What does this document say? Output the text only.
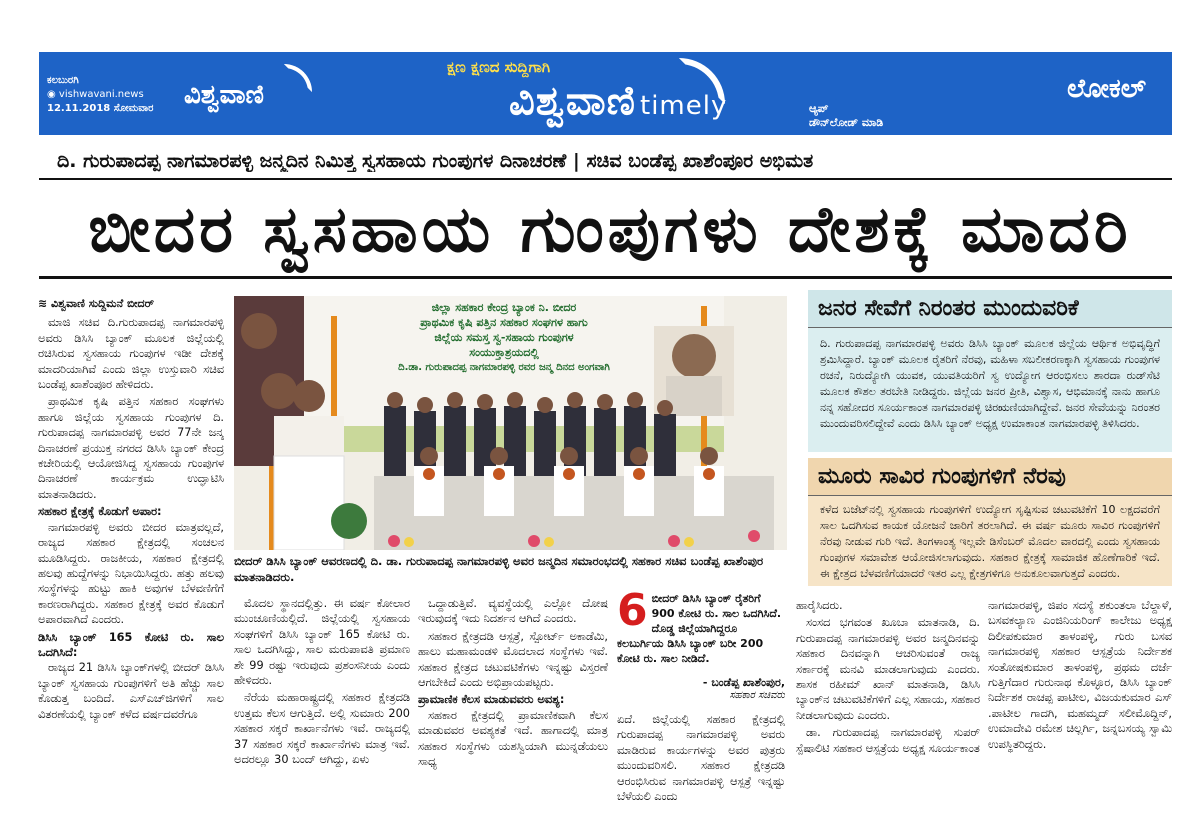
ಕಲಬುರಗಿ
◉ vishwavani.news
12.11.2018 ಸೋಮವಾರ ವಿಶ್ವವಾಣಿ
ಕ್ಷಣ ಕ್ಷಣದ ಸುದ್ದಿಗಾಗಿ
ವಿಶ್ವವಾಣಿ timely	ಆ್ಯಪ್
ಡೌನ್‌ಲೋಡ್ ಮಾಡಿ
ಲೋಕಲ್
ದಿ. ಗುರುಪಾದಪ್ಪ ನಾಗಮಾರಪಳ್ಳಿ ಜನ್ಮದಿನ ನಿಮಿತ್ತ ಸ್ವಸಹಾಯ ಗುಂಪುಗಳ ದಿನಾಚರಣೆ | ಸಚಿವ ಬಂಡೆಪ್ಪ ಖಾಶೆಂಪೂರ ಅಭಿಮತ
ಬೀದರ ಸ್ವಸಹಾಯ ಗುಂಪುಗಳು ದೇಶಕ್ಕೆ ಮಾದರಿ
≋ ವಿಶ್ವವಾಣಿ ಸುದ್ದಿಮನೆ ಬೀದರ್

ಮಾಜಿ ಸಚಿವ ದಿ.ಗುರುಪಾದಪ್ಪ ನಾಗಮಾರಪಳ್ಳಿ ಅವರು ಡಿಸಿಸಿ ಬ್ಯಾಂಕ್ ಮೂಲಕ ಜಿಲ್ಲೆಯಲ್ಲಿ ರಚಿಸಿರುವ ಸ್ವಸಹಾಯ ಗುಂಪುಗಳ ಇಡೀ ದೇಶಕ್ಕೆ ಮಾದರಿಯಾಗಿವೆ ಎಂದು ಜಿಲ್ಲಾ ಉಸ್ತುವಾರಿ ಸಚಿವ ಬಂಡೆಪ್ಪ ಖಾಶೆಂಪೂರ ಹೇಳಿದರು.

ಪ್ರಾಥಮಿಕ ಕೃಷಿ ಪತ್ತಿನ ಸಹಕಾರ ಸಂಘಗಳು ಹಾಗೂ ಜಿಲ್ಲೆಯ ಸ್ವಸಹಾಯ ಗುಂಪುಗಳ ದಿ. ಗುರುಪಾದಪ್ಪ ನಾಗಮಾರಪಳ್ಳಿ ಅವರ 77ನೇ ಜನ್ಮ ದಿನಾಚರಣೆ ಪ್ರಯುಕ್ತ ನಗರದ ಡಿಸಿಸಿ ಬ್ಯಾಂಕ್ ಕೇಂದ್ರ ಕಚೇರಿಯಲ್ಲಿ ಆಯೋಜಿಸಿದ್ದ ಸ್ವಸಹಾಯ ಗುಂಪುಗಳ ದಿನಾಚರಣೆ ಕಾರ್ಯಕ್ರಮ ಉದ್ಘಾಟಿಸಿ ಮಾತನಾಡಿದರು.

ಸಹಕಾರ ಕ್ಷೇತ್ರಕ್ಕೆ ಕೊಡುಗೆ ಅಪಾರ:

ನಾಗಮಾರಪಳ್ಳಿ ಅವರು ಬೀದರ ಮಾತ್ರವಲ್ಲದೆ, ರಾಜ್ಯದ ಸಹಕಾರ ಕ್ಷೇತ್ರದಲ್ಲಿ ಸಂಚಲನ ಮೂಡಿಸಿದ್ದರು. ರಾಜಕೀಯ, ಸಹಕಾರ ಕ್ಷೇತ್ರದಲ್ಲಿ ಹಲವು ಹುದ್ದೆಗಳನ್ನು ನಿಭಾಯಿಸಿದ್ದರು. ಹತ್ತು ಹಲವು ಸಂಸ್ಥೆಗಳನ್ನು ಹುಟ್ಟು ಹಾಕಿ ಅವುಗಳ ಬೆಳವಣಿಗೆಗೆ ಕಾರಣರಾಗಿದ್ದರು. ಸಹಕಾರ ಕ್ಷೇತ್ರಕ್ಕೆ ಅವರ ಕೊಡುಗೆ ಅಪಾರವಾಗಿದೆ ಎಂದರು.

ಡಿಸಿಸಿ ಬ್ಯಾಂಕ್ 165 ಕೋಟಿ ರು. ಸಾಲ ಒದಗಿಸಿದೆ:

ರಾಜ್ಯದ 21 ಡಿಸಿಸಿ ಬ್ಯಾಂಕ್‌ಗಳಲ್ಲಿ ಬೀದರ್ ಡಿಸಿಸಿ ಬ್ಯಾಂಕ್ ಸ್ವಸಹಾಯ ಗುಂಪುಗಳಿಗೆ ಅತಿ ಹೆಚ್ಚು ಸಾಲ ಕೊಡುತ್ತ ಬಂದಿದೆ. ಎಸ್‌ಎಚ್‌ಜಿಗಳಿಗೆ ಸಾಲ ವಿತರಣೆಯಲ್ಲಿ ಬ್ಯಾಂಕ್ ಕಳೆದ ವರ್ಷದವರೆಗೂ

ಜಿಲ್ಲಾ ಸಹಕಾರ ಕೇಂದ್ರ ಬ್ಯಾಂಕ ನಿ. ಬೀದರ
ಪ್ರಾಥಮಿಕ ಕೃಷಿ ಪತ್ತಿನ ಸಹಕಾರ ಸಂಘಗಳ ಹಾಗು
ಜಿಲ್ಲೆಯ ಸಮಸ್ತ ಸ್ವ-ಸಹಾಯ ಗುಂಪುಗಳ
ಸಂಯುಕ್ತಾಶ್ರಯದಲ್ಲಿ
ದಿ.ಡಾ. ಗುರುಪಾದಪ್ಪ ನಾಗಮಾರಪಳ್ಳಿ ರವರ ಜನ್ಮ ದಿನದ ಅಂಗವಾಗಿ
ಬೀದರ್ ಡಿಸಿಸಿ ಬ್ಯಾಂಕ್ ಆವರಣದಲ್ಲಿ ದಿ. ಡಾ. ಗುರುಪಾದಪ್ಪ ನಾಗಮಾರಪಳ್ಳಿ ಅವರ ಜನ್ಮದಿನ ಸಮಾರಂಭದಲ್ಲಿ ಸಹಕಾರ ಸಚಿವ ಬಂಡೆಪ್ಪ ಖಾಶೆಂಪುರ ಮಾತನಾಡಿದರು.

ಮೊದಲ ಸ್ಥಾನದಲ್ಲಿತ್ತು. ಈ ವರ್ಷ ಕೋಲಾರ ಮುಂಚೂಣಿಯಲ್ಲಿದೆ. ಜಿಲ್ಲೆಯಲ್ಲಿ ಸ್ವಸಹಾಯ ಸಂಘಗಳಿಗೆ ಡಿಸಿಸಿ ಬ್ಯಾಂಕ್ 165 ಕೋಟಿ ರು. ಸಾಲ ಒದಗಿಸಿದ್ದು, ಸಾಲ ಮರುಪಾವತಿ ಪ್ರಮಾಣ ಶೇ 99 ರಷ್ಟು ಇರುವುದು ಪ್ರಶಂಸನೀಯ ಎಂದು ಹೇಳಿದರು.

ನೆರೆಯ ಮಹಾರಾಷ್ಟ್ರದಲ್ಲಿ ಸಹಕಾರ ಕ್ಷೇತ್ರದಡಿ ಉತ್ತಮ ಕೆಲಸ ಆಗುತ್ತಿದೆ. ಅಲ್ಲಿ ಸುಮಾರು 200 ಸಹಕಾರ ಸಕ್ಕರೆ ಕಾರ್ಖಾನೆಗಳು ಇವೆ. ರಾಜ್ಯದಲ್ಲಿ 37 ಸಹಕಾರ ಸಕ್ಕರೆ ಕಾರ್ಖಾನೆಗಳು ಮಾತ್ರ ಇವೆ. ಅದರಲ್ಲೂ 30 ಬಂದ್ ಆಗಿದ್ದು, ಏಳು

ಒದ್ದಾಡುತ್ತಿವೆ. ವ್ಯವಸ್ಥೆಯಲ್ಲಿ ಎಲ್ಲೋ ದೋಷ ಇರುವುದಕ್ಕೆ ಇದು ನಿದರ್ಶನ ಆಗಿದೆ ಎಂದರು.

ಸಹಕಾರ ಕ್ಷೇತ್ರದಡಿ ಆಸ್ಪತ್ರೆ, ಸ್ಪೋರ್ಟ್ ಅಕಾಡೆಮಿ, ಹಾಲು ಮಹಾಮಂಡಳಿ ಮೊದಲಾದ ಸಂಸ್ಥೆಗಳು ಇವೆ. ಸಹಕಾರ ಕ್ಷೇತ್ರದ ಚಟುವಟಿಕೆಗಳು ಇನ್ನಷ್ಟು ವಿಸ್ತರಣೆ ಆಗಬೇಕಿದೆ ಎಂದು ಅಭಿಪ್ರಾಯಪಟ್ಟರು.

ಪ್ರಾಮಾಣಿಕ ಕೆಲಸ ಮಾಡುವವರು ಅವಶ್ಯ:

ಸಹಕಾರ ಕ್ಷೇತ್ರದಲ್ಲಿ ಪ್ರಾಮಾಣಿಕವಾಗಿ ಕೆಲಸ ಮಾಡುವವರ ಅವಶ್ಯಕತೆ ಇದೆ. ಹಾಗಾದಲ್ಲಿ ಮಾತ್ರ ಸಹಕಾರ ಸಂಸ್ಥೆಗಳು ಯಶಸ್ವಿಯಾಗಿ ಮುನ್ನಡೆಯಲು ಸಾಧ್ಯ

6 ಬೀದರ್ ಡಿಸಿಸಿ ಬ್ಯಾಂಕ್ ರೈತರಿಗೆ 900 ಕೋಟಿ ರು. ಸಾಲ ಒದಗಿಸಿದೆ. ದೊಡ್ಡ ಜಿಲ್ಲೆಯಾಗಿದ್ದರೂ ಕಲಬುರ್ಗಿಯ ಡಿಸಿಸಿ ಬ್ಯಾಂಕ್ ಬರೀ 200 ಕೋಟಿ ರು. ಸಾಲ ನೀಡಿದೆ.
- ಬಂಡೆಪ್ಪ ಖಾಶೆಂಪುರ,
ಸಹಕಾರ ಸಚಿವರು

ಏದೆ. ಜಿಲ್ಲೆಯಲ್ಲಿ ಸಹಕಾರ ಕ್ಷೇತ್ರದಲ್ಲಿ ಗುರುಪಾದಪ್ಪ ನಾಗಮಾರಪಳ್ಳಿ ಅವರು ಮಾಡಿರುವ ಕಾರ್ಯಗಳನ್ನು ಅವರ ಪುತ್ರರು ಮುಂದುವರಿಸಲಿ. ಸಹಕಾರ ಕ್ಷೇತ್ರದಡಿ ಆರಂಭಿಸಿರುವ ನಾಗಮಾರಪಳ್ಳಿ ಆಸ್ಪತ್ರೆ ಇನ್ನಷ್ಟು ಬೆಳೆಯಲಿ ಎಂದು

ಜನರ ಸೇವೆಗೆ ನಿರಂತರ ಮುಂದುವರಿಕೆ
ದಿ. ಗುರುಪಾದಪ್ಪ ನಾಗಮಾರಪಳ್ಳಿ ಅವರು ಡಿಸಿಸಿ ಬ್ಯಾಂಕ್ ಮೂಲಕ ಜಿಲ್ಲೆಯ ಆರ್ಥಿಕ ಅಭಿವೃದ್ಧಿಗೆ ಶ್ರಮಿಸಿದ್ದಾರೆ. ಬ್ಯಾಂಕ್ ಮೂಲಕ ರೈತರಿಗೆ ನೆರವು, ಮಹಿಳಾ ಸಬಲೀಕರಣಕ್ಕಾಗಿ ಸ್ವಸಹಾಯ ಗುಂಪುಗಳ ರಚನೆ, ನಿರುದ್ಯೋಗಿ ಯುವಕ, ಯುವತಿಯರಿಗೆ ಸ್ವ ಉದ್ಯೋಗ ಆರಂಭಿಸಲು ಶಾರದಾ ರುಡ್‌ಸೆಟಿ ಮೂಲಕ ಕೌಶಲ ತರಬೇತಿ ನೀಡಿದ್ದರು. ಜಿಲ್ಲೆಯ ಜನರ ಪ್ರೀತಿ, ವಿಶ್ವಾಸ, ಆಭಿಮಾನಕ್ಕೆ ನಾನು ಹಾಗೂ ನನ್ನ ಸಹೋದರ ಸೂರ್ಯಕಾಂತ ನಾಗಮಾರಪಳ್ಳಿ ಚಿರಋಣಿಯಾಗಿದ್ದೇವೆ. ಜನರ ಸೇವೆಯನ್ನು ನಿರಂತರ ಮುಂದುವರಿಸಲಿದ್ದೇವೆ ಎಂದು ಡಿಸಿಸಿ ಬ್ಯಾಂಕ್ ಅಧ್ಯಕ್ಷ ಉಮಾಕಾಂತ ನಾಗಮಾರಪಳ್ಳಿ ತಿಳಿಸಿದರು.
ಮೂರು ಸಾವಿರ ಗುಂಪುಗಳಿಗೆ ನೆರವು
ಕಳೆದ ಬಜೆಟ್‌ನಲ್ಲಿ ಸ್ವಸಹಾಯ ಗುಂಪುಗಳಿಗೆ ಉದ್ಯೋಗ ಸೃಷ್ಟಿಸುವ ಚಟುವಟಿಕೆಗೆ 10 ಲಕ್ಷದವರೆಗೆ ಸಾಲ ಒದಗಿಸುವ ಕಾಯಕ ಯೋಜನೆ ಜಾರಿಗೆ ತರಲಾಗಿದೆ. ಈ ವರ್ಷ ಮೂರು ಸಾವಿರ ಗುಂಪುಗಳಿಗೆ ನೆರವು ನೀಡುವ ಗುರಿ ಇದೆ. ತಿಂಗಳಾಂತ್ಯ ಇಲ್ಲವೇ ಡಿಸೆಂಬರ್ ಮೊದಲ ವಾರದಲ್ಲಿ ಎಂದು ಸ್ವಸಹಾಯ ಗುಂಪುಗಳ ಸಮಾವೇಶ ಆಯೋಜಿಸಲಾಗುವುದು. ಸಹಕಾರ ಕ್ಷೇತ್ರಕ್ಕೆ ಸಾಮಾಜಿಕ ಹೊಣೆಗಾರಿಕೆ ಇದೆ. ಈ ಕ್ಷೇತ್ರದ ಬೆಳವಣಿಗೆಯಾದರೆ ಇತರ ಎಲ್ಲ ಕ್ಷೇತ್ರಗಳಿಗೂ ಅನುಕೂಲವಾಗುತ್ತದೆ ಎಂದರು.

ಹಾರೈಸಿದರು.

ಸಂಸದ ಭಗವಂತ ಖೂಬಾ ಮಾತನಾಡಿ, ದಿ. ಗುರುಪಾದಪ್ಪ ನಾಗಮಾರಪಳ್ಳಿ ಅವರ ಜನ್ಮದಿನವನ್ನು ಸಹಕಾರ ದಿನವನ್ನಾಗಿ ಆಚರಿಸುವಂತೆ ರಾಜ್ಯ ಸರ್ಕಾರಕ್ಕೆ ಮನವಿ ಮಾಡಲಾಗುವುದು ಎಂದರು. ಶಾಸಕ ರಹೀಮ್ ಖಾನ್ ಮಾತನಾಡಿ, ಡಿಸಿಸಿ ಬ್ಯಾಂಕ್‌ನ ಚಟುವಟಿಕೆಗಳಿಗೆ ಎಲ್ಲ ಸಹಾಯ, ಸಹಕಾರ ನೀಡಲಾಗುವುದು ಎಂದರು.

ಡಾ. ಗುರುಪಾದಪ್ಪ ನಾಗಮಾರಪಳ್ಳಿ ಸುಪರ್ ಸ್ಪೆಷಾಲಿಟಿ ಸಹಕಾರ ಆಸ್ಪತ್ರೆಯ ಅಧ್ಯಕ್ಷ ಸೂರ್ಯಕಾಂತ

ನಾಗಮಾರಪಳ್ಳಿ, ಜಿಪಂ ಸದಸ್ಯೆ ಶಕುಂತಲಾ ಬೆಲ್ದಾಳೆ, ಬಸವಕಲ್ಯಾಣ ಎಂಜಿನಿಯರಿಂಗ್ ಕಾಲೇಜು ಅಧ್ಯಕ್ಷ ದಿಲೀಪಕುಮಾರ ತಾಳಂಪಳ್ಳಿ, ಗುರು ಬಸವ ನಾಗಮಾರಪಳ್ಳಿ ಸಹಕಾರ ಆಸ್ಪತ್ರೆಯ ನಿರ್ದೇಶಕ ಸಂತೋಷಕುಮಾರ ತಾಳಂಪಳ್ಳಿ, ಪ್ರಥಮ ದರ್ಜೆ ಗುತ್ತಿಗೆದಾರ ಗುರುನಾಥ ಕೊಳ್ಳೂರ, ಡಿಸಿಸಿ ಬ್ಯಾಂಕ್ ನಿರ್ದೇಶಕ ರಾಚಪ್ಪ ಪಾಟೀಲ, ವಿಜಯಕುಮಾರ ಎಸ್ .ಪಾಟೀಲ ಗಾದಗಿ, ಮಹಮ್ಮದ್ ಸಲೀಮೊದ್ದಿನ್, ಉಮಾದೇವಿ ರಮೇಶ ಚಿಲ್ಲರ್ಗಿ, ಜನ್ನಬಸಯ್ಯ ಸ್ವಾಮಿ ಉಪಸ್ಥಿತರಿದ್ದರು.
